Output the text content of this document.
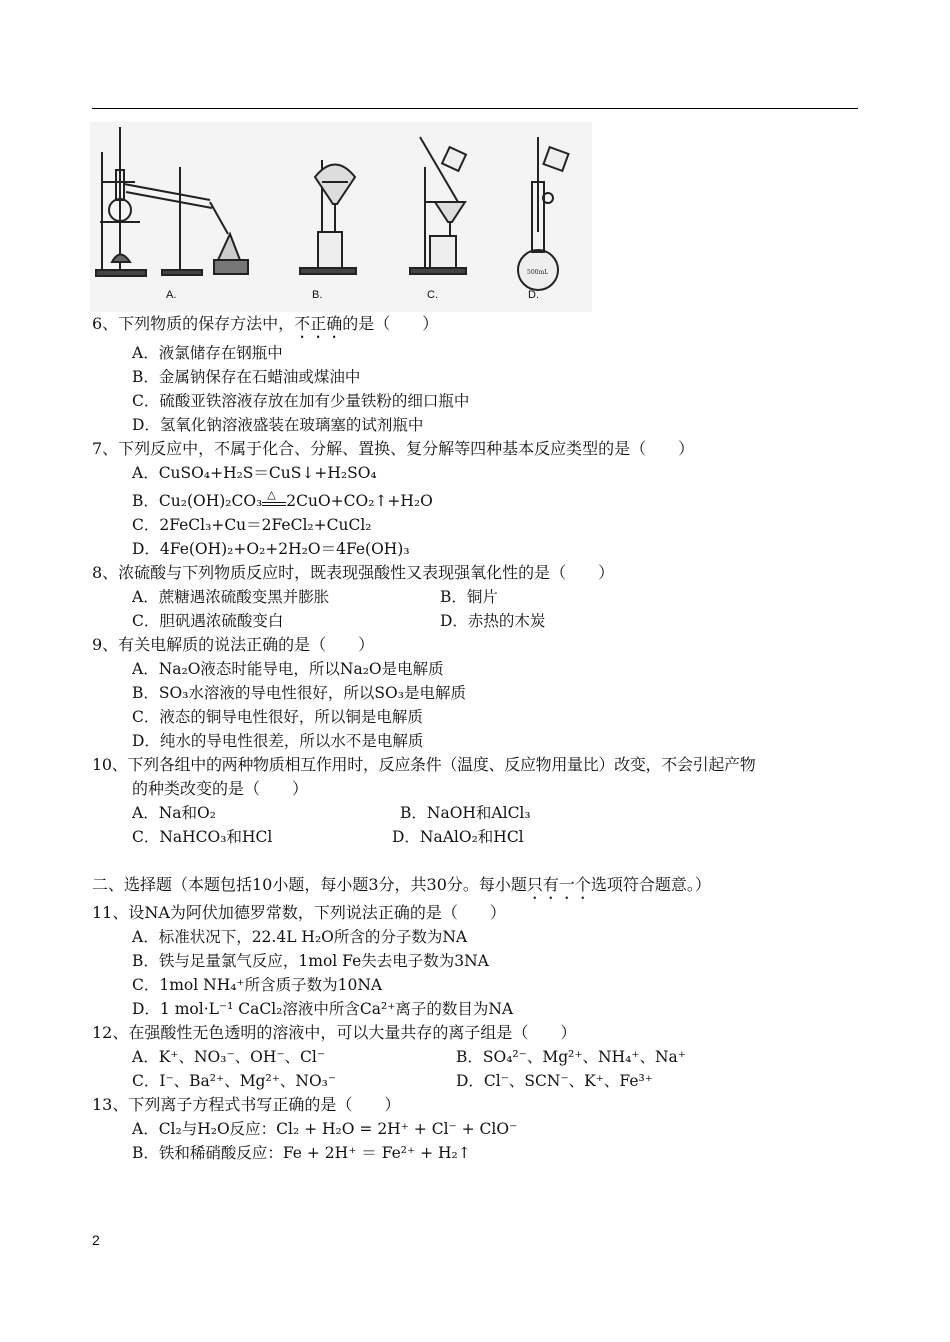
500mL
A.	B.	C.	D.
6、下列物质的保存方法中，不正确的是（　　）
A．液氯储存在钢瓶中
B．金属钠保存在石蜡油或煤油中
C．硫酸亚铁溶液存放在加有少量铁粉的细口瓶中
D．氢氧化钠溶液盛装在玻璃塞的试剂瓶中
7、下列反应中，不属于化合、分解、置换、复分解等四种基本反应类型的是（　　）
A．CuSO₄+H₂S＝CuS↓+H₂SO₄
B．Cu₂(OH)₂CO₃ △ 2CuO+CO₂↑+H₂O
C．2FeCl₃+Cu＝2FeCl₂+CuCl₂
D．4Fe(OH)₂+O₂+2H₂O＝4Fe(OH)₃
8、浓硫酸与下列物质反应时，既表现强酸性又表现强氧化性的是（　　）
A．蔗糖遇浓硫酸变黑并膨胀	B．铜片
C．胆矾遇浓硫酸变白	D．赤热的木炭
9、有关电解质的说法正确的是（　　）
A．Na₂O液态时能导电，所以Na₂O是电解质
B．SO₃水溶液的导电性很好，所以SO₃是电解质
C．液态的铜导电性很好，所以铜是电解质
D．纯水的导电性很差，所以水不是电解质
10、下列各组中的两种物质相互作用时，反应条件（温度、反应物用量比）改变，不会引起产物
的种类改变的是（　　）
A．Na和O₂	B．NaOH和AlCl₃
C．NaHCO₃和HCl	D．NaAlO₂和HCl
二、选择题（本题包括10小题，每小题3分，共30分。每小题只有一个选项符合题意。）
11、设NA为阿伏加德罗常数，下列说法正确的是（　　）
A．标准状况下，22.4L H₂O所含的分子数为NA
B．铁与足量氯气反应，1mol Fe失去电子数为3NA
C．1mol NH₄⁺所含质子数为10NA
D．1 mol·L⁻¹ CaCl₂溶液中所含Ca²⁺离子的数目为NA
12、在强酸性无色透明的溶液中，可以大量共存的离子组是（　　）
A．K⁺、NO₃⁻、OH⁻、Cl⁻	B．SO₄²⁻、Mg²⁺、NH₄⁺、Na⁺
C．I⁻、Ba²⁺、Mg²⁺、NO₃⁻	D．Cl⁻、SCN⁻、K⁺、Fe³⁺
13、下列离子方程式书写正确的是（　　）
A．Cl₂与H₂O反应：Cl₂ + H₂O = 2H⁺ + Cl⁻ + ClO⁻
B．铁和稀硝酸反应：Fe + 2H⁺ ＝ Fe²⁺ + H₂↑
2
